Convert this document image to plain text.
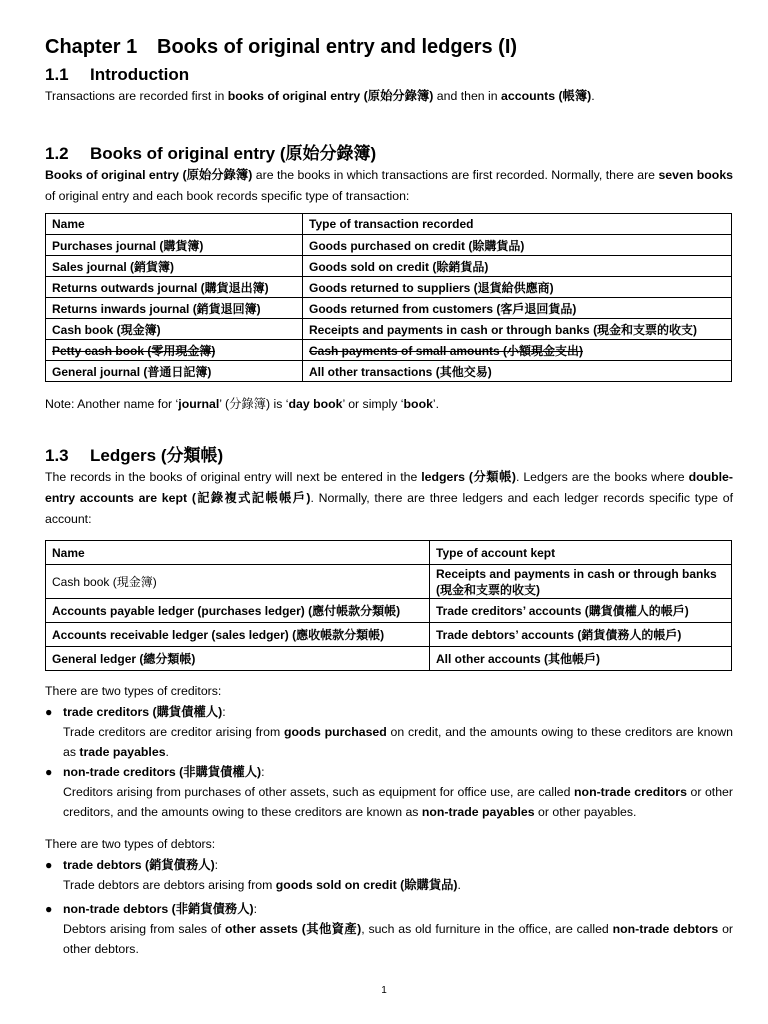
Chapter 1 Books of original entry and ledgers (I)
1.1 Introduction

Transactions are recorded first in books of original entry (原始分錄簿) and then in accounts (帳簿).

1.2 Books of original entry (原始分錄簿)

Books of original entry (原始分錄簿) are the books in which transactions are first recorded. Normally, there are seven books of original entry and each book records specific type of transaction:

Name	Type of transaction recorded
Purchases journal (購貨簿)	Goods purchased on credit (賒購貨品)
Sales journal (銷貨簿)	Goods sold on credit (賒銷貨品)
Returns outwards journal (購貨退出簿)	Goods returned to suppliers (退貨給供應商)
Returns inwards journal (銷貨退回簿)	Goods returned from customers (客戶退回貨品)
Cash book (現金簿)	Receipts and payments in cash or through banks (現金和支票的收支)
Petty cash book (零用現金簿)	Cash payments of small amounts (小額現金支出)
General journal (普通日記簿)	All other transactions (其他交易)

Note: Another name for ‘journal’ (分錄簿) is ‘day book’ or simply ‘book’.

1.3 Ledgers (分類帳)

The records in the books of original entry will next be entered in the ledgers (分類帳). Ledgers are the books where double-entry accounts are kept (記錄複式記帳帳戶). Normally, there are three ledgers and each ledger records specific type of account:

Name	Type of account kept
Cash book (現金簿)	Receipts and payments in cash or through banks (現金和支票的收支)
Accounts payable ledger (purchases ledger) (應付帳款分類帳)	Trade creditors’ accounts (購貨債權人的帳戶)
Accounts receivable ledger (sales ledger) (應收帳款分類帳)	Trade debtors’ accounts (銷貨債務人的帳戶)
General ledger (總分類帳)	All other accounts (其他帳戶)

There are two types of creditors:

● trade creditors (購貨債權人):
Trade creditors are creditor arising from goods purchased on credit, and the amounts owing to these creditors are known as trade payables.
● non-trade creditors (非購貨債權人):
Creditors arising from purchases of other assets, such as equipment for office use, are called non-trade creditors or other creditors, and the amounts owing to these creditors are known as non-trade payables or other payables.

There are two types of debtors:

● trade debtors (銷貨債務人):
Trade debtors are debtors arising from goods sold on credit (賒購貨品).
● non-trade debtors (非銷貨債務人):
Debtors arising from sales of other assets (其他資產), such as old furniture in the office, are called non-trade debtors or other debtors.
1
